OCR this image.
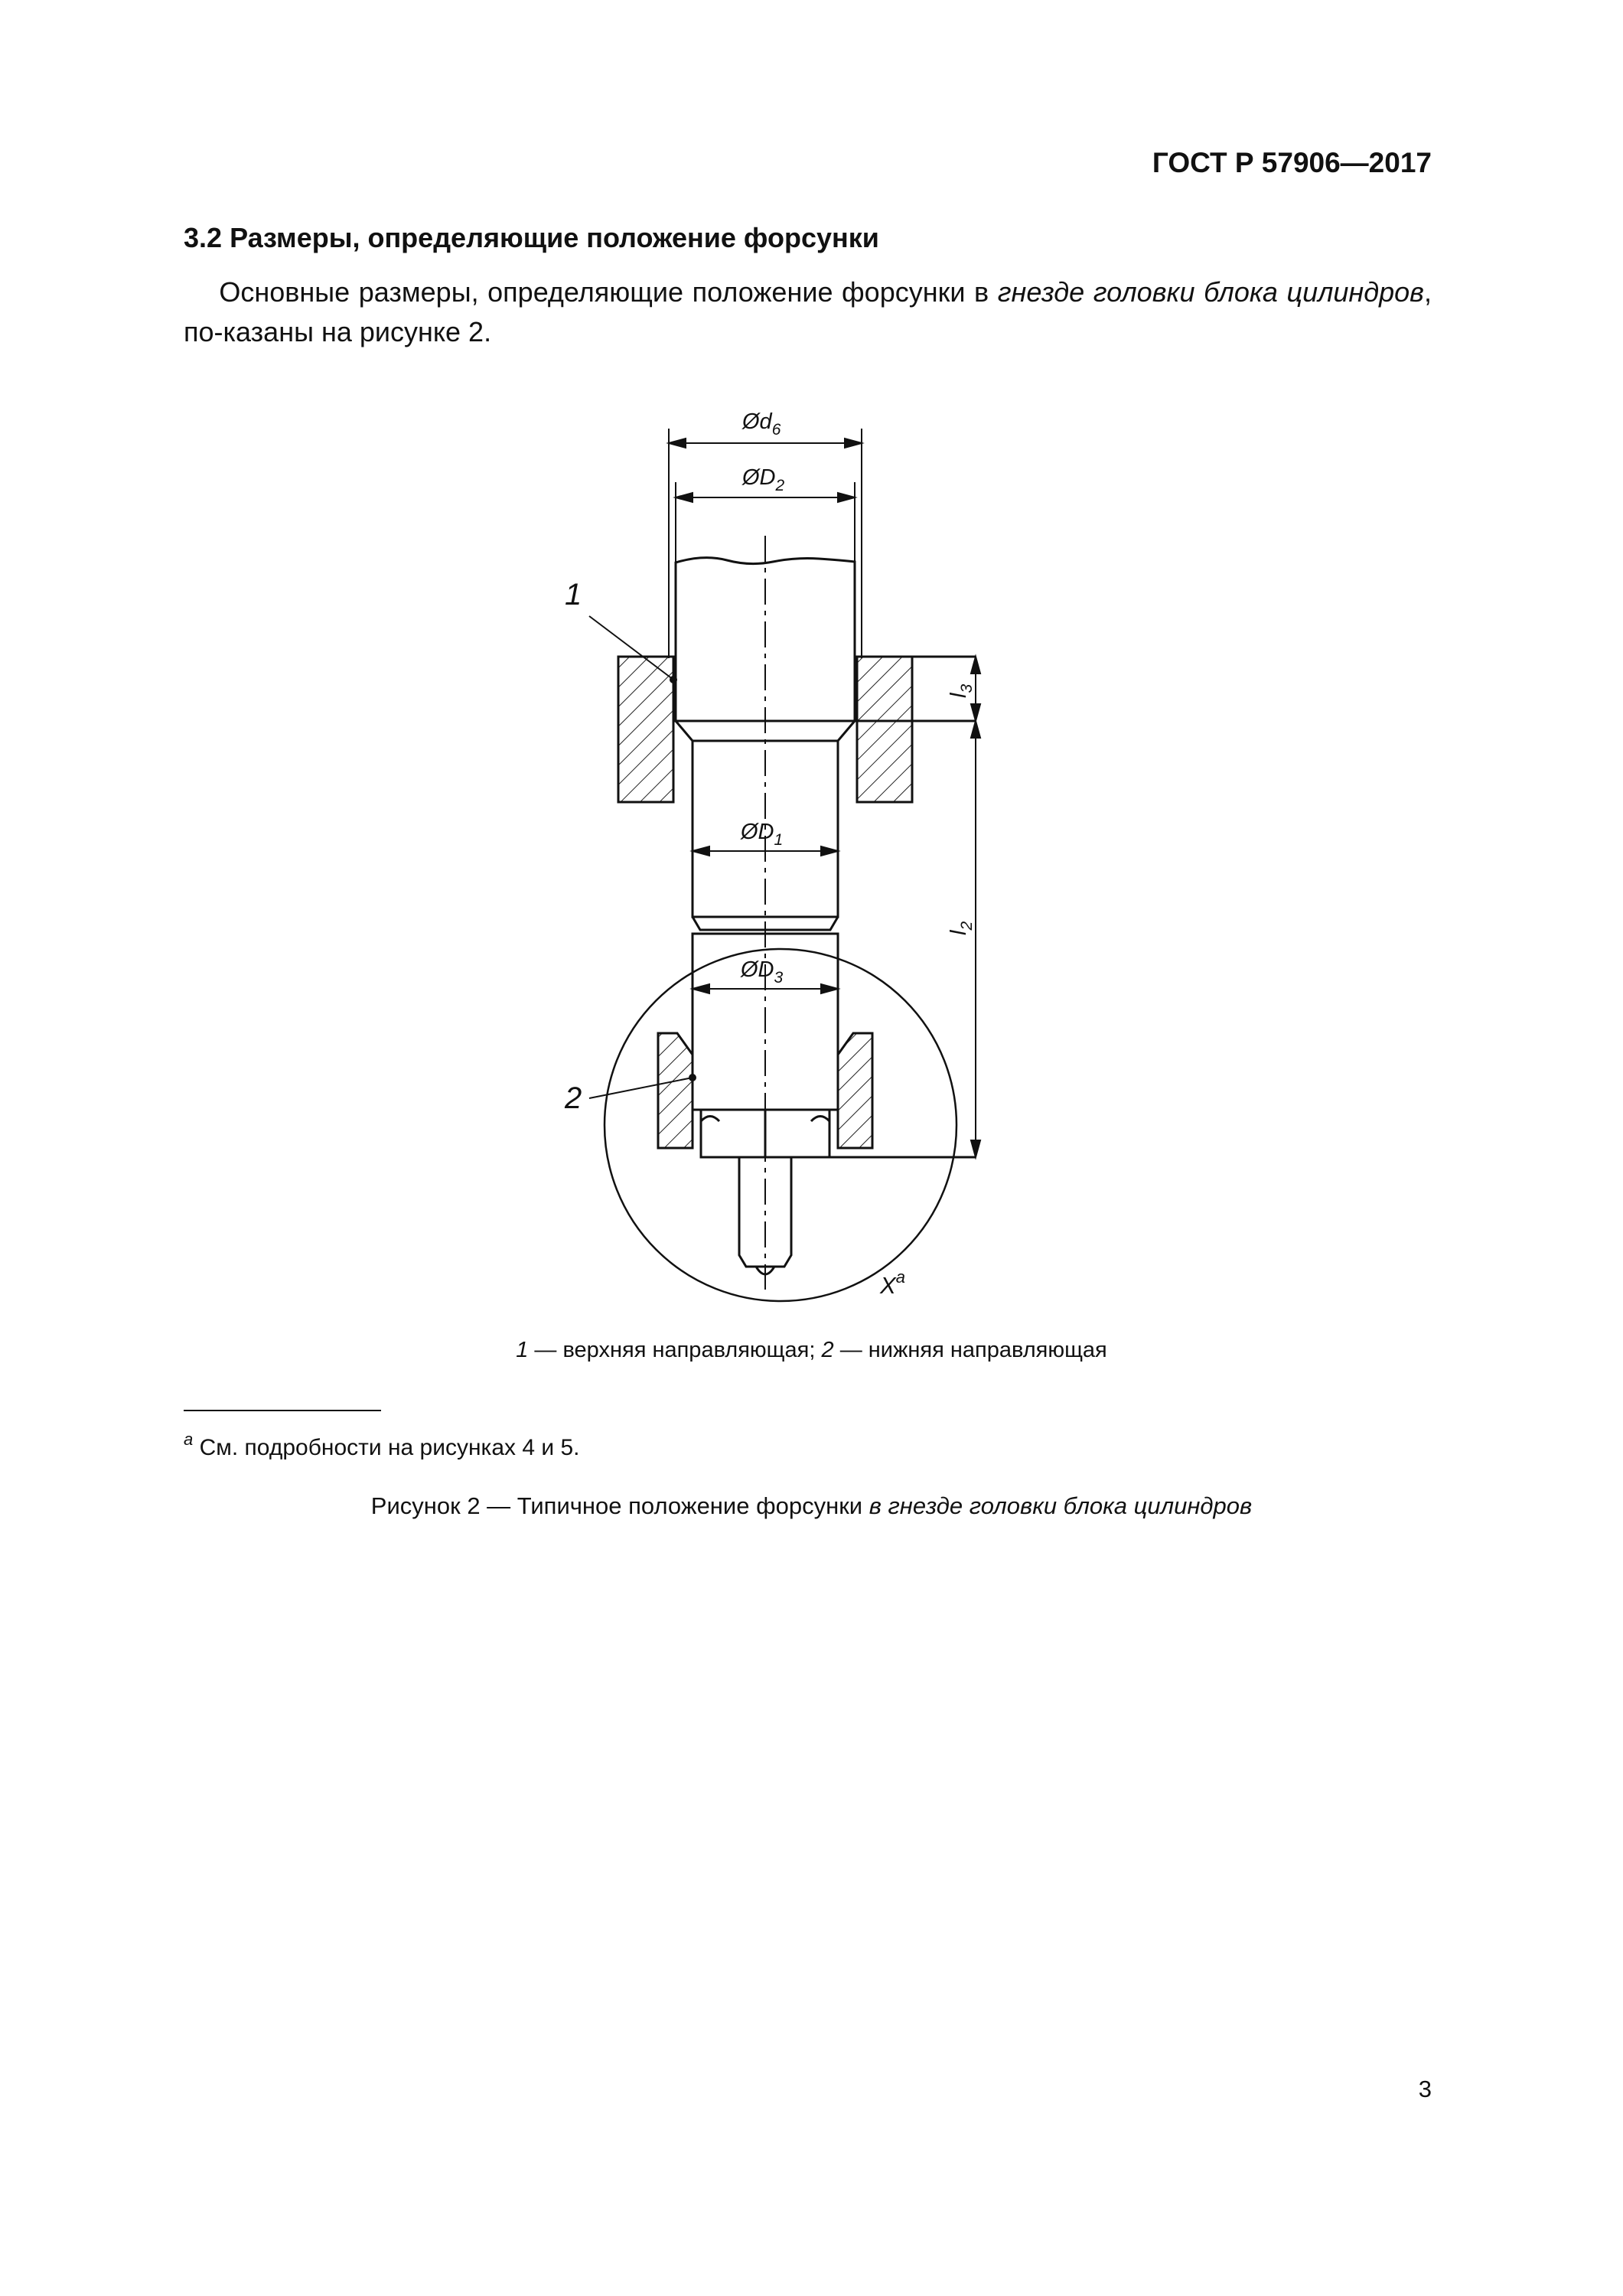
ГОСТ Р 57906—2017
3.2 Размеры, определяющие положение форсунки
Основные размеры, определяющие положение форсунки в гнезде головки блока цилиндров, по-казаны на рисунке 2.
$Ød_6$
$ØD_2$
$ØD_1$
$ØD_3$
$l_3$
$l_2$
1
2
$X^a$
1 — верхняя направляющая; 2 — нижняя направляющая
$^a$ См. подробности на рисунках 4 и 5.
Рисунок 2 — Типичное положение форсунки в гнезде головки блока цилиндров
3
